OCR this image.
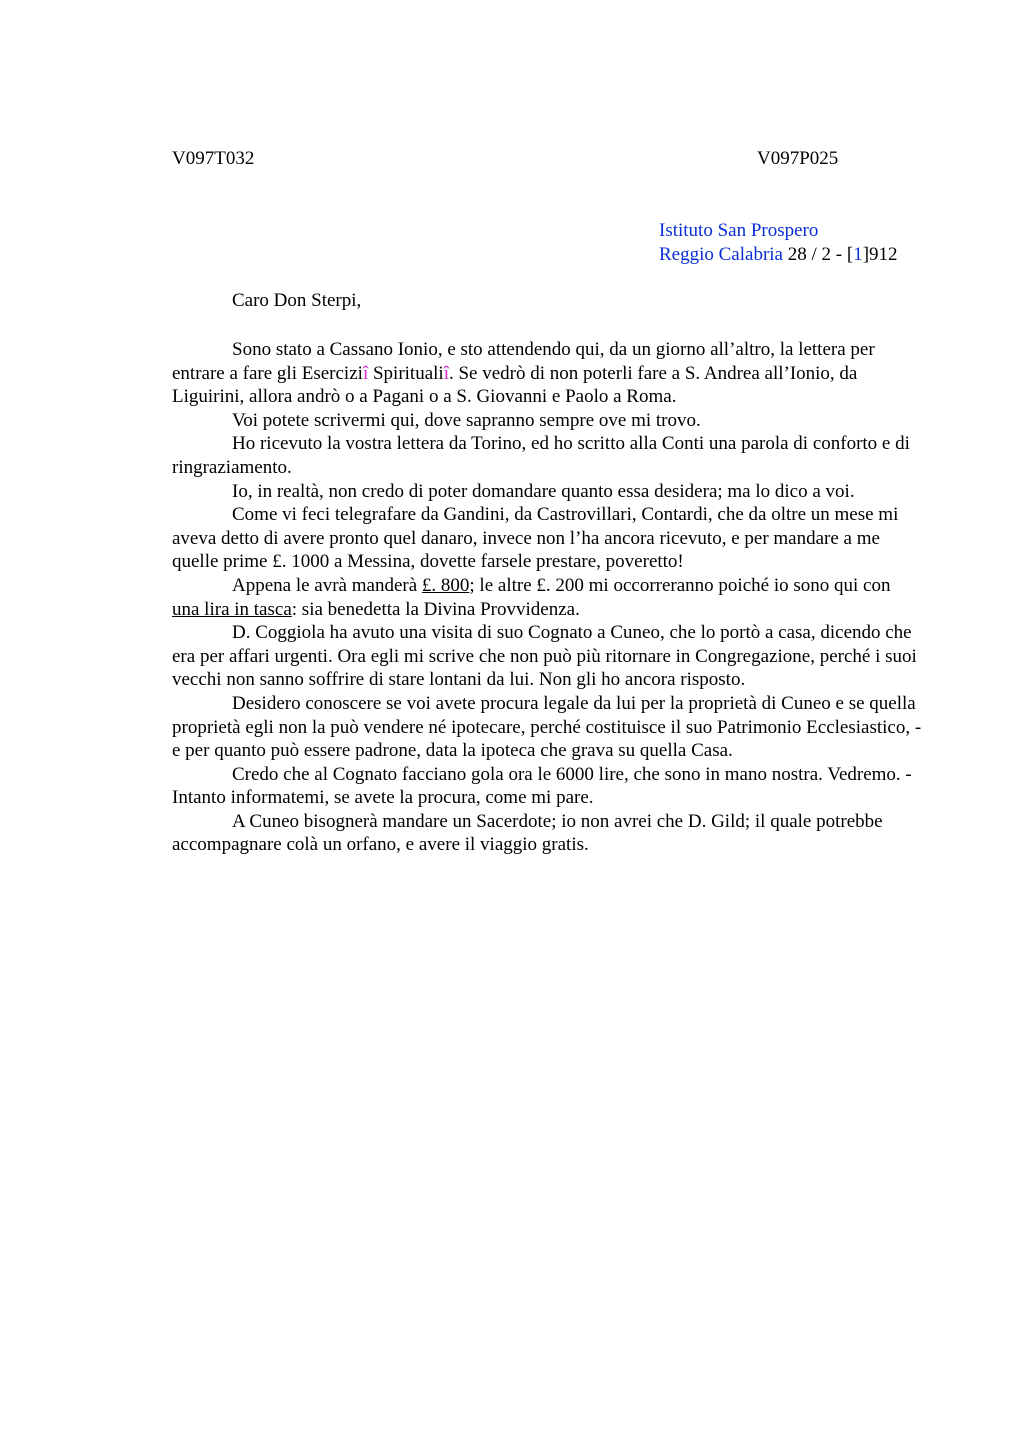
V097T032	V097P025
Istituto San Prospero
Reggio Calabria 28 / 2 - [1]912
Caro Don Sterpi,

Sono stato a Cassano Ionio, e sto attendendo qui, da un giorno all’altro, la lettera per entrare a fare gli Eserciziî Spiritualiî. Se vedrò di non poterli fare a S. Andrea all’Ionio, da Liguirini, allora andrò o a Pagani o a S. Giovanni e Paolo a Roma.

Voi potete scrivermi qui, dove sapranno sempre ove mi trovo.

Ho ricevuto la vostra lettera da Torino, ed ho scritto alla Conti una parola di conforto e di ringraziamento.

Io, in realtà, non credo di poter domandare quanto essa desidera; ma lo dico a voi.

Come vi feci telegrafare da Gandini, da Castrovillari, Contardi, che da oltre un mese mi aveva detto di avere pronto quel danaro, invece non l’ha ancora ricevuto, e per mandare a me quelle prime £. 1000 a Messina, dovette farsele prestare, poveretto!

Appena le avrà manderà £. 800; le altre £. 200 mi occorreranno poiché io sono qui con una lira in tasca: sia benedetta la Divina Provvidenza.

D. Coggiola ha avuto una visita di suo Cognato a Cuneo, che lo portò a casa, dicendo che era per affari urgenti. Ora egli mi scrive che non può più ritornare in Congregazione, perché i suoi vecchi non sanno soffrire di stare lontani da lui. Non gli ho ancora risposto.

Desidero conoscere se voi avete procura legale da lui per la proprietà di Cuneo e se quella proprietà egli non la può vendere né ipotecare, perché costituisce il suo Patrimonio Ecclesiastico, - e per quanto può essere padrone, data la ipoteca che grava su quella Casa.

Credo che al Cognato facciano gola ora le 6000 lire, che sono in mano nostra. Vedremo. - Intanto informatemi, se avete la procura, come mi pare.

A Cuneo bisognerà mandare un Sacerdote; io non avrei che D. Gild; il quale potrebbe accompagnare colà un orfano, e avere il viaggio gratis.
